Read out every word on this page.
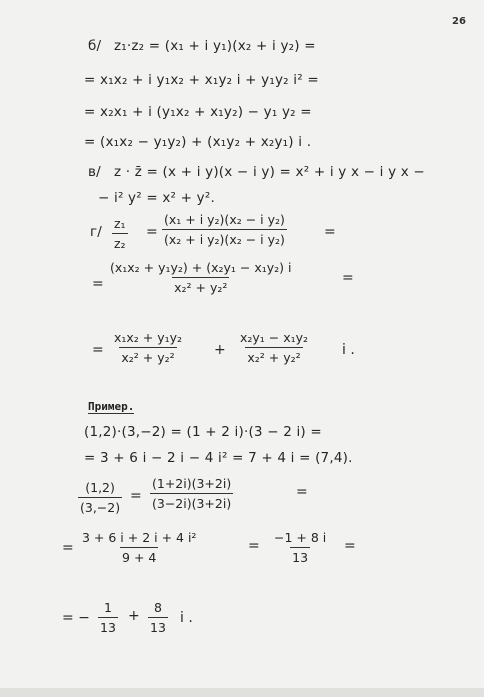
26
б/ z₁·z₂ = (x₁ + i y₁)(x₂ + i y₂) =
= x₁x₂ + i y₁x₂ + x₁y₂ i + y₁y₂ i² =
= x₂x₁ + i (y₁x₂ + x₁y₂) − y₁ y₂ =
= (x₁x₂ − y₁y₂) + (x₁y₂ + x₂y₁) i .
в/ z · z̄ = (x + i y)(x − i y) = x² + i y x − i y x −
− i² y² = x² + y².
$г/ \frac{\text{z₁}}{\text{z₂}} = \frac{\text{(x₁ + i y₂)(x₂ − i y₂)}}{\text{(x₂ + i y₂)(x₂ − i y₂)}}$	=
= $\frac{\text{(x₁x₂ + y₁y₂) + (x₂y₁ − x₁y₂) i}}{\text{x₂² + y₂²}}$	=
= $\frac{\text{x₁x₂ + y₁y₂}}{\text{x₂² + y₂²}} + \frac{\text{x₂y₁ − x₁y₂}}{\text{x₂² + y₂²}}$ i .
Пример.
(1,2)·(3,−2) = (1 + 2 i)·(3 − 2 i) =
= 3 + 6 i − 2 i − 4 i² = 7 + 4 i = (7,4).
$\frac{(1,2)}{(3,-2)} = \frac{(1+2i)(3+2i)}{(3-2i)(3+2i)}$	=
= $\frac{\text{3 + 6 i + 2 i + 4 i²}}{9 + 4}$	= $\frac{-1 + 8 i}{13}$ =
= − $\frac{1}{13} + \frac{8}{13}$ i .
